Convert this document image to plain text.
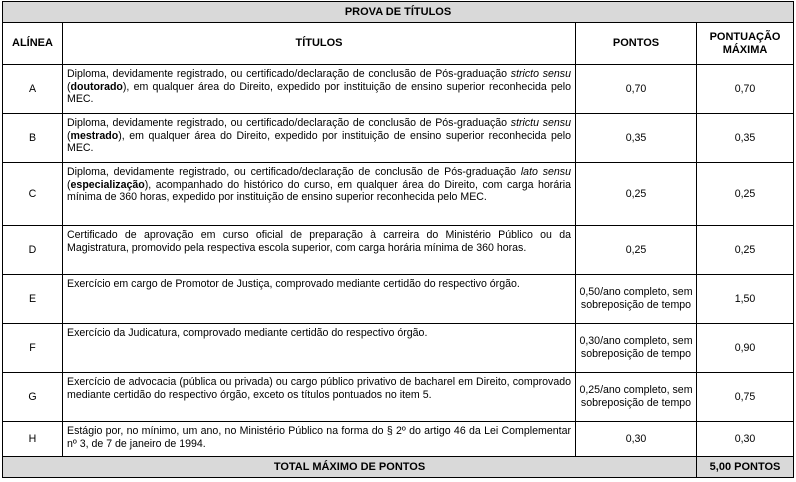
PROVA DE TÍTULOS			
ALÍNEA	TÍTULOS	PONTOS	PONTUAÇÃO
MÁXIMA

A	Diploma, devidamente registrado, ou certificado/declaração de conclusão de Pós-graduação stricto sensu (doutorado), em qualquer área do Direito, expedido por instituição de ensino superior reconhecida pelo MEC.	0,70	0,70
B	Diploma, devidamente registrado, ou certificado/declaração de conclusão de Pós-graduação strictu sensu (mestrado), em qualquer área do Direito, expedido por instituição de ensino superior reconhecida pelo MEC.	0,35	0,35
C	Diploma, devidamente registrado, ou certificado/declaração de conclusão de Pós-graduação lato sensu (especialização), acompanhado do histórico do curso, em qualquer área do Direito, com carga horária mínima de 360 horas, expedido por instituição de ensino superior reconhecida pelo MEC.	0,25	0,25
D	Certificado de aprovação em curso oficial de preparação à carreira do Ministério Público ou da Magistratura, promovido pela respectiva escola superior, com carga horária mínima de 360 horas.	0,25	0,25
E	Exercício em cargo de Promotor de Justiça, comprovado mediante certidão do respectivo órgão.	0,50/ano completo, sem sobreposição de tempo	1,50
F	Exercício da Judicatura, comprovado mediante certidão do respectivo órgão.	0,30/ano completo, sem sobreposição de tempo	0,90
G	Exercício de advocacia (pública ou privada) ou cargo público privativo de bacharel em Direito, comprovado mediante certidão do respectivo órgão, exceto os títulos pontuados no item 5.	0,25/ano completo, sem sobreposição de tempo	0,75
H	Estágio por, no mínimo, um ano, no Ministério Público na forma do § 2º do artigo 46 da Lei Complementar nº 3, de 7 de janeiro de 1994.	0,30	0,30
TOTAL MÁXIMO DE PONTOS			5,00 PONTOS
